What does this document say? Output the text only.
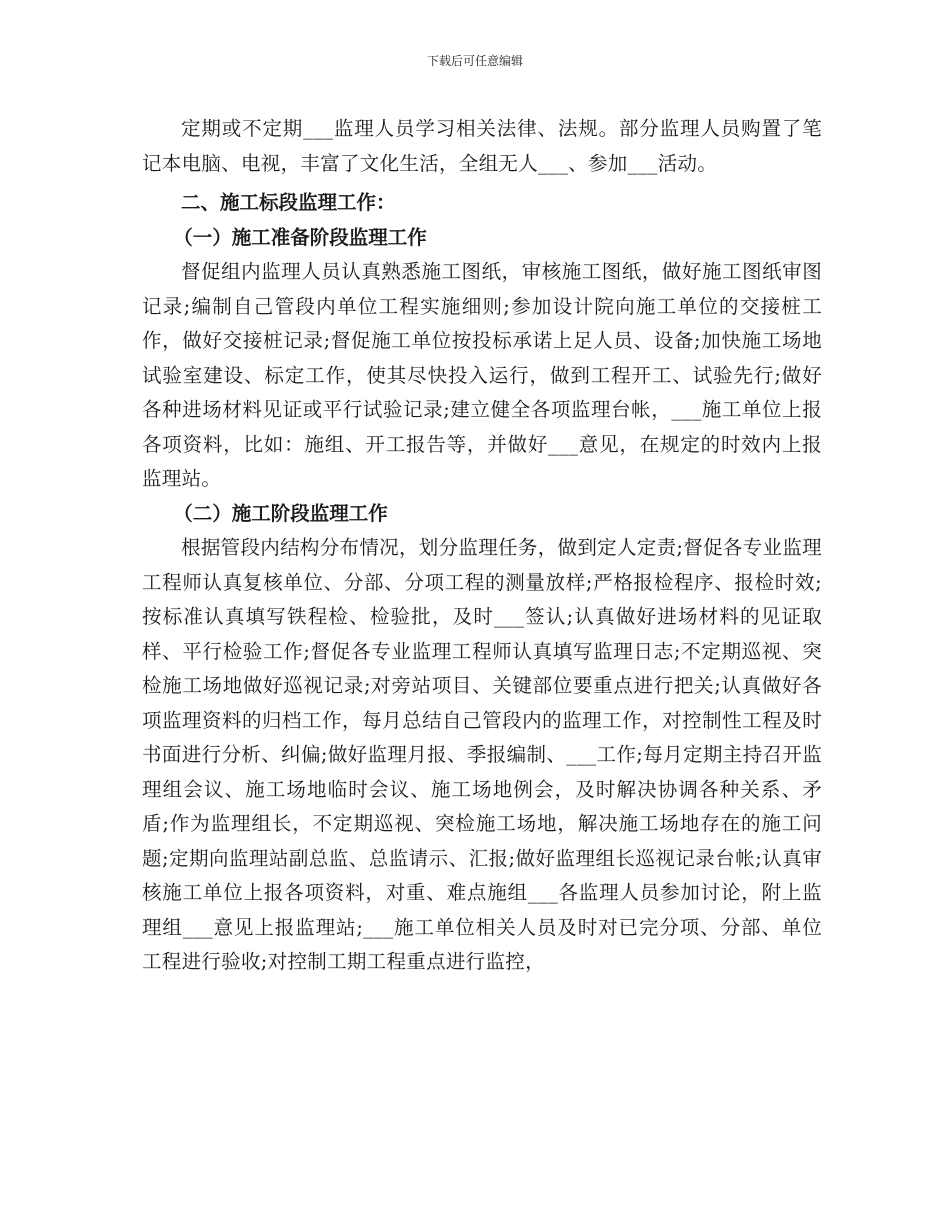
下载后可任意编辑

定期或不定期___监理人员学习相关法律、法规。部分监理人员购置了笔记本电脑、电视，丰富了文化生活，全组无人___、参加___活动。

二、施工标段监理工作：

（一）施工准备阶段监理工作

督促组内监理人员认真熟悉施工图纸，审核施工图纸，做好施工图纸审图记录;编制自己管段内单位工程实施细则;参加设计院向施工单位的交接桩工作，做好交接桩记录;督促施工单位按投标承诺上足人员、设备;加快施工场地试验室建设、标定工作，使其尽快投入运行，做到工程开工、试验先行;做好各种进场材料见证或平行试验记录;建立健全各项监理台帐，___施工单位上报各项资料，比如：施组、开工报告等，并做好___意见，在规定的时效内上报监理站。

（二）施工阶段监理工作

根据管段内结构分布情况，划分监理任务，做到定人定责;督促各专业监理工程师认真复核单位、分部、分项工程的测量放样;严格报检程序、报检时效;按标准认真填写铁程检、检验批，及时___签认;认真做好进场材料的见证取样、平行检验工作;督促各专业监理工程师认真填写监理日志;不定期巡视、突检施工场地做好巡视记录;对旁站项目、关键部位要重点进行把关;认真做好各项监理资料的归档工作，每月总结自己管段内的监理工作，对控制性工程及时书面进行分析、纠偏;做好监理月报、季报编制、___工作;每月定期主持召开监理组会议、施工场地临时会议、施工场地例会，及时解决协调各种关系、矛盾;作为监理组长，不定期巡视、突检施工场地，解决施工场地存在的施工问题;定期向监理站副总监、总监请示、汇报;做好监理组长巡视记录台帐;认真审核施工单位上报各项资料，对重、难点施组___各监理人员参加讨论，附上监理组___意见上报监理站;___施工单位相关人员及时对已完分项、分部、单位工程进行验收;对控制工期工程重点进行监控，
